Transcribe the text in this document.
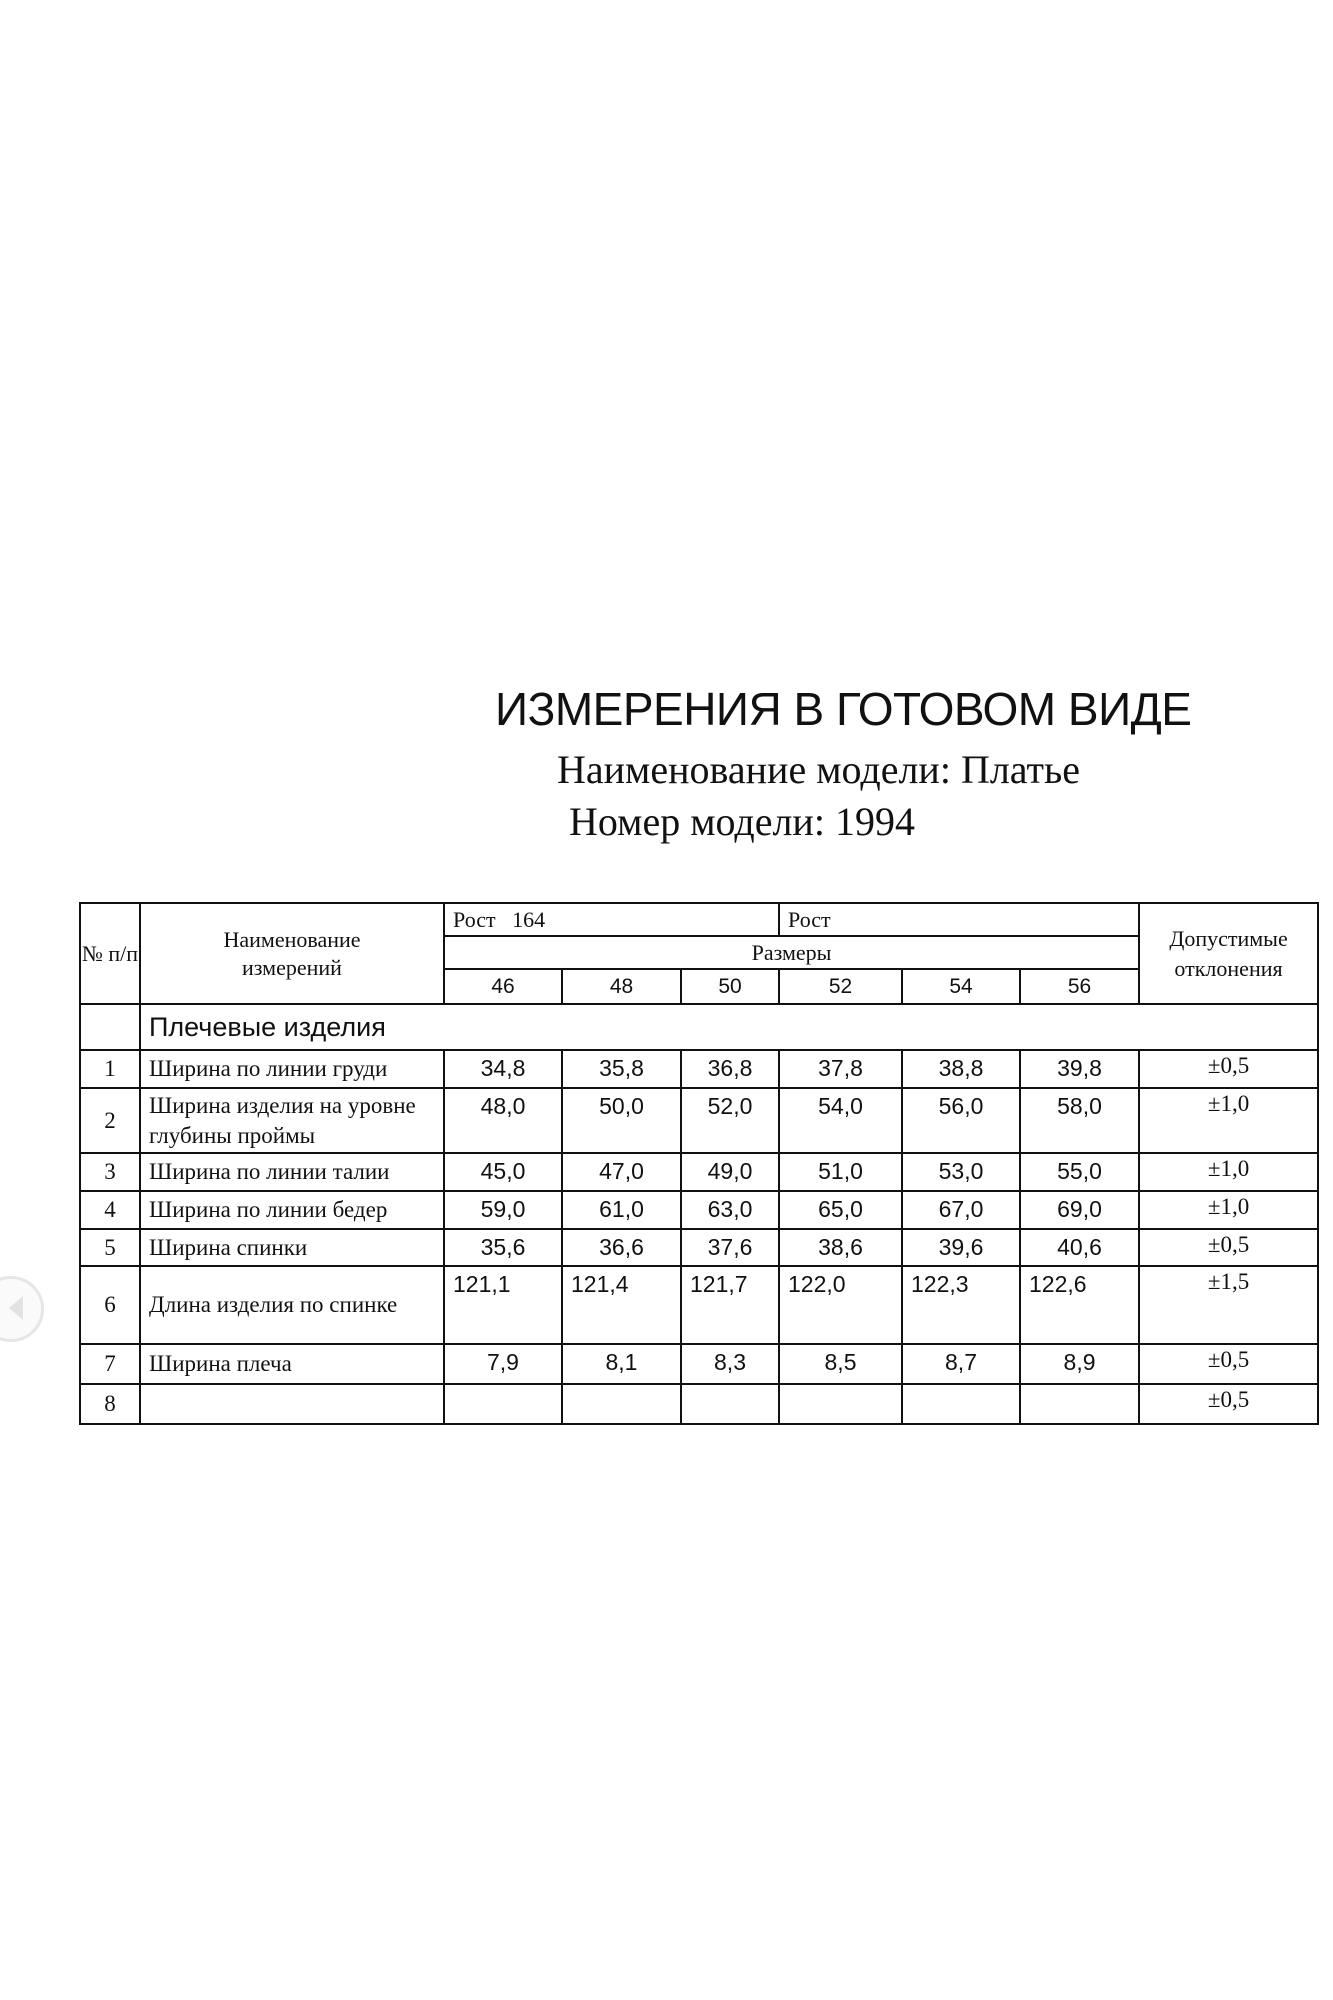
ИЗМЕРЕНИЯ В ГОТОВОМ ВИДЕ
Наименование модели: Платье
Номер модели: 1994
№ п/п	Наименование измерений	Рост   164			Рост			Допустимые отклонения
		Размеры						
		46	48	50	52	54	56	
	Плечевые изделия							
1	Ширина по линии груди	34,8	35,8	36,8	37,8	38,8	39,8	±0,5
2	Ширина изделия на уровне глубины проймы	48,0	50,0	52,0	54,0	56,0	58,0	±1,0
3	Ширина по линии талии	45,0	47,0	49,0	51,0	53,0	55,0	±1,0
4	Ширина по линии бедер	59,0	61,0	63,0	65,0	67,0	69,0	±1,0
5	Ширина спинки	35,6	36,6	37,6	38,6	39,6	40,6	±0,5
6	Длина изделия по спинке	121,1	121,4	121,7	122,0	122,3	122,6	±1,5
7	Ширина плеча	7,9	8,1	8,3	8,5	8,7	8,9	±0,5
8								±0,5
